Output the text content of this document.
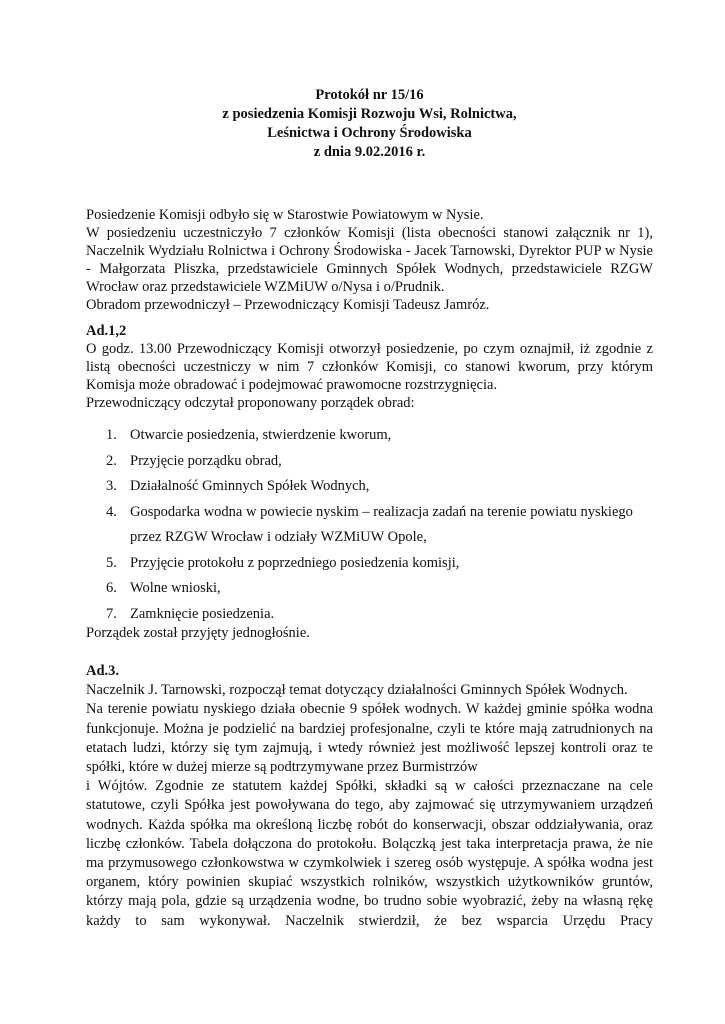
Protokół nr 15/16
z posiedzenia Komisji Rozwoju Wsi, Rolnictwa,
Leśnictwa i Ochrony Środowiska
z dnia 9.02.2016 r.

Posiedzenie Komisji odbyło się w Starostwie Powiatowym w Nysie.

W posiedzeniu uczestniczyło 7 członków Komisji (lista obecności stanowi załącznik nr 1), Naczelnik Wydziału Rolnictwa i Ochrony Środowiska - Jacek Tarnowski, Dyrektor PUP w Nysie - Małgorzata Pliszka, przedstawiciele Gminnych Spółek Wodnych, przedstawiciele RZGW Wrocław oraz przedstawiciele WZMiUW o/Nysa i o/Prudnik.

Obradom przewodniczył – Przewodniczący Komisji Tadeusz Jamróz.

Ad.1,2

O godz. 13.00 Przewodniczący Komisji otworzył posiedzenie, po czym oznajmił, iż zgodnie z listą obecności uczestniczy w nim 7 członków Komisji, co stanowi kworum, przy którym Komisja może obradować i podejmować prawomocne rozstrzygnięcia.

Przewodniczący odczytał proponowany porządek obrad:

1. Otwarcie posiedzenia, stwierdzenie kworum,
2. Przyjęcie porządku obrad,
3. Działalność Gminnych Spółek Wodnych,
4. Gospodarka wodna w powiecie nyskim – realizacja zadań na terenie powiatu nyskiego
przez RZGW Wrocław i odziały WZMiUW Opole,
5. Przyjęcie protokołu z poprzedniego posiedzenia komisji,
6. Wolne wnioski,
7. Zamknięcie posiedzenia.

Porządek został przyjęty jednogłośnie.

Ad.3.

Naczelnik J. Tarnowski, rozpoczął temat dotyczący działalności Gminnych Spółek Wodnych.

Na terenie powiatu nyskiego działa obecnie 9 spółek wodnych. W każdej gminie spółka wodna funkcjonuje. Można je podzielić na bardziej profesjonalne, czyli te które mają zatrudnionych na etatach ludzi, którzy się tym zajmują, i wtedy również jest możliwość lepszej kontroli oraz te spółki, które w dużej mierze są podtrzymywane przez Burmistrzów

i Wójtów. Zgodnie ze statutem każdej Spółki, składki są w całości przeznaczane na cele statutowe, czyli Spółka jest powoływana do tego, aby zajmować się utrzymywaniem urządzeń wodnych. Każda spółka ma określoną liczbę robót do konserwacji, obszar oddziaływania, oraz liczbę członków. Tabela dołączona do protokołu. Bolączką jest taka interpretacja prawa, że nie ma przymusowego członkowstwa w czymkolwiek i szereg osób występuje. A spółka wodna jest organem, który powinien skupiać wszystkich rolników, wszystkich użytkowników gruntów, którzy mają pola, gdzie są urządzenia wodne, bo trudno sobie wyobrazić, żeby na własną rękę każdy to sam wykonywał. Naczelnik stwierdził, że bez wsparcia Urzędu Pracy
